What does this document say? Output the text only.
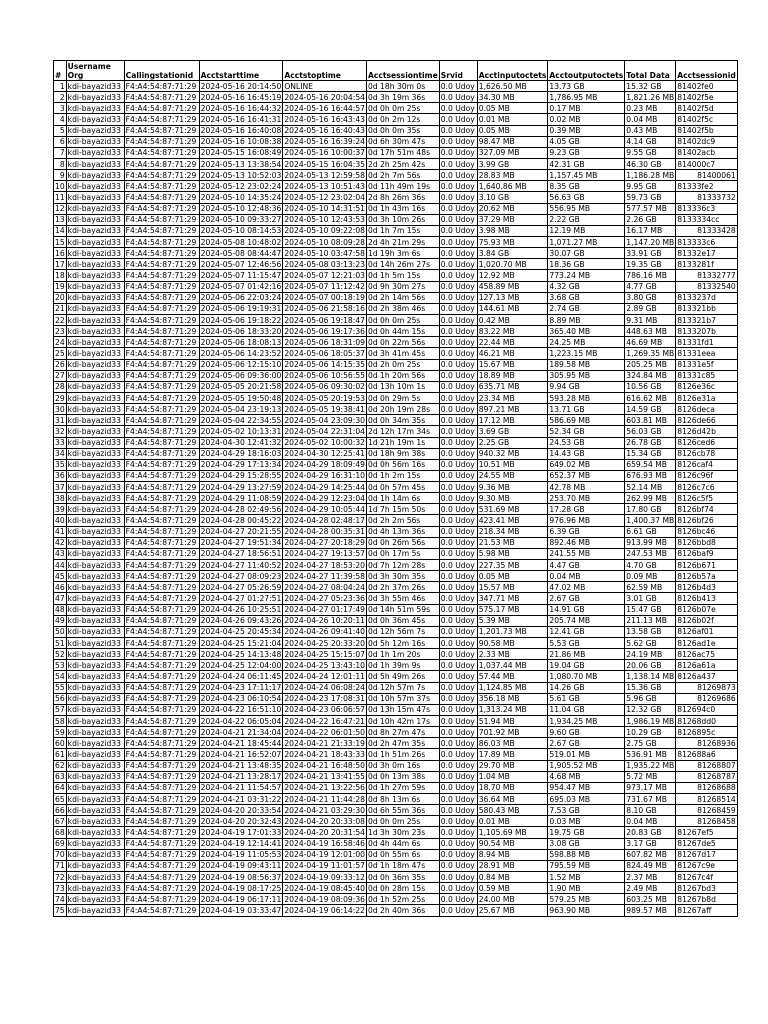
#	Username Org	Callingstationid	Acctstarttime	Acctstoptime	Acctsessiontime	Srvid	Acctinputoctets	Acctoutputoctets	Total Data	Acctsessionid
1	kdi-bayazid33	F4:A4:54:87:71:29	2024-05-16 20:14:50	ONLINE	0d 18h 30m 0s	0.0 Udoy	1,626.50 MB	13.73 GB	15.32 GB	81402fe0
2	kdi-bayazid33	F4:A4:54:87:71:29	2024-05-16 16:45:19	2024-05-16 20:04:54	0d 3h 19m 36s	0.0 Udoy	34.30 MB	1,786.95 MB	1,821.26 MB	81402f5e
3	kdi-bayazid33	F4:A4:54:87:71:29	2024-05-16 16:44:32	2024-05-16 16:44:57	0d 0h 0m 25s	0.0 Udoy	0.05 MB	0.17 MB	0.23 MB	81402f5d
4	kdi-bayazid33	F4:A4:54:87:71:29	2024-05-16 16:41:31	2024-05-16 16:43:43	0d 0h 2m 12s	0.0 Udoy	0.01 MB	0.02 MB	0.04 MB	81402f5c
5	kdi-bayazid33	F4:A4:54:87:71:29	2024-05-16 16:40:08	2024-05-16 16:40:43	0d 0h 0m 35s	0.0 Udoy	0.05 MB	0.39 MB	0.43 MB	81402f5b
6	kdi-bayazid33	F4:A4:54:87:71:29	2024-05-16 10:08:38	2024-05-16 16:39:24	0d 6h 30m 47s	0.0 Udoy	98.47 MB	4.05 GB	4.14 GB	81402dc9
7	kdi-bayazid33	F4:A4:54:87:71:29	2024-05-15 16:08:49	2024-05-16 10:00:37	0d 17h 51m 48s	0.0 Udoy	327.09 MB	9.23 GB	9.55 GB	81402acb
8	kdi-bayazid33	F4:A4:54:87:71:29	2024-05-13 13:38:54	2024-05-15 16:04:35	2d 2h 25m 42s	0.0 Udoy	3.99 GB	42.31 GB	46.30 GB	814000c7
9	kdi-bayazid33	F4:A4:54:87:71:29	2024-05-13 10:52:03	2024-05-13 12:59:58	0d 2h 7m 56s	0.0 Udoy	28.83 MB	1,157.45 MB	1,186.28 MB	81400061
10	kdi-bayazid33	F4:A4:54:87:71:29	2024-05-12 23:02:24	2024-05-13 10:51:43	0d 11h 49m 19s	0.0 Udoy	1,640.86 MB	8.35 GB	9.95 GB	81333fe2
11	kdi-bayazid33	F4:A4:54:87:71:29	2024-05-10 14:35:24	2024-05-12 23:02:04	2d 8h 26m 36s	0.0 Udoy	3.10 GB	56.63 GB	59.73 GB	81333732
12	kdi-bayazid33	F4:A4:54:87:71:29	2024-05-10 12:48:36	2024-05-10 14:31:51	0d 1h 43m 16s	0.0 Udoy	20.62 MB	556.95 MB	577.57 MB	813336c3
13	kdi-bayazid33	F4:A4:54:87:71:29	2024-05-10 09:33:27	2024-05-10 12:43:53	0d 3h 10m 26s	0.0 Udoy	37.29 MB	2.22 GB	2.26 GB	8133334cc
14	kdi-bayazid33	F4:A4:54:87:71:29	2024-05-10 08:14:53	2024-05-10 09:22:08	0d 1h 7m 15s	0.0 Udoy	3.98 MB	12.19 MB	16.17 MB	81333428
15	kdi-bayazid33	F4:A4:54:87:71:29	2024-05-08 10:48:02	2024-05-10 08:09:28	2d 4h 21m 29s	0.0 Udoy	75.93 MB	1,071.27 MB	1,147.20 MB	813333c6
16	kdi-bayazid33	F4:A4:54:87:71:29	2024-05-08 08:44:47	2024-05-10 03:47:58	1d 19h 3m 6s	0.0 Udoy	3.84 GB	30.07 GB	33.91 GB	81332e17
17	kdi-bayazid33	F4:A4:54:87:71:29	2024-05-07 12:46:56	2024-05-08 03:13:23	0d 14h 26m 27s	0.0 Udoy	1,020.70 MB	18.36 GB	19.35 GB	8133281f
18	kdi-bayazid33	F4:A4:54:87:71:29	2024-05-07 11:15:47	2024-05-07 12:21:03	0d 1h 5m 15s	0.0 Udoy	12.92 MB	773.24 MB	786.16 MB	81332777
19	kdi-bayazid33	F4:A4:54:87:71:29	2024-05-07 01:42:16	2024-05-07 11:12:42	0d 9h 30m 27s	0.0 Udoy	458.89 MB	4.32 GB	4.77 GB	81332540
20	kdi-bayazid33	F4:A4:54:87:71:29	2024-05-06 22:03:24	2024-05-07 00:18:19	0d 2h 14m 56s	0.0 Udoy	127.13 MB	3.68 GB	3.80 GB	8133237d
21	kdi-bayazid33	F4:A4:54:87:71:29	2024-05-06 19:19:31	2024-05-06 21:58:16	0d 2h 38m 46s	0.0 Udoy	144.61 MB	2.74 GB	2.89 GB	813321bb
22	kdi-bayazid33	F4:A4:54:87:71:29	2024-05-06 19:18:22	2024-05-06 19:18:47	0d 0h 0m 25s	0.0 Udoy	0.42 MB	8.89 MB	9.31 MB	813321b7
23	kdi-bayazid33	F4:A4:54:87:71:29	2024-05-06 18:33:20	2024-05-06 19:17:36	0d 0h 44m 15s	0.0 Udoy	83.22 MB	365.40 MB	448.63 MB	8133207b
24	kdi-bayazid33	F4:A4:54:87:71:29	2024-05-06 18:08:13	2024-05-06 18:31:09	0d 0h 22m 56s	0.0 Udoy	22.44 MB	24.25 MB	46.69 MB	81331fd1
25	kdi-bayazid33	F4:A4:54:87:71:29	2024-05-06 14:23:52	2024-05-06 18:05:37	0d 3h 41m 45s	0.0 Udoy	46.21 MB	1,223.15 MB	1,269.35 MB	81331eea
26	kdi-bayazid33	F4:A4:54:87:71:29	2024-05-06 12:15:10	2024-05-06 14:15:35	0d 2h 0m 25s	0.0 Udoy	15.67 MB	189.58 MB	205.25 MB	81331e5f
27	kdi-bayazid33	F4:A4:54:87:71:29	2024-05-06 09:36:00	2024-05-06 10:56:55	0d 1h 20m 56s	0.0 Udoy	18.89 MB	305.95 MB	324.84 MB	81331c85
28	kdi-bayazid33	F4:A4:54:87:71:29	2024-05-05 20:21:58	2024-05-06 09:30:02	0d 13h 10m 1s	0.0 Udoy	635.71 MB	9.94 GB	10.56 GB	8126e36c
29	kdi-bayazid33	F4:A4:54:87:71:29	2024-05-05 19:50:48	2024-05-05 20:19:53	0d 0h 29m 5s	0.0 Udoy	23.34 MB	593.28 MB	616.62 MB	8126e31a
30	kdi-bayazid33	F4:A4:54:87:71:29	2024-05-04 23:19:13	2024-05-05 19:38:41	0d 20h 19m 28s	0.0 Udoy	897.21 MB	13.71 GB	14.59 GB	8126deca
31	kdi-bayazid33	F4:A4:54:87:71:29	2024-05-04 22:34:55	2024-05-04 23:09:30	0d 0h 34m 35s	0.0 Udoy	17.12 MB	586.69 MB	603.81 MB	8126de66
32	kdi-bayazid33	F4:A4:54:87:71:29	2024-05-02 10:13:31	2024-05-04 22:31:04	2d 12h 17m 34s	0.0 Udoy	3.69 GB	52.34 GB	56.03 GB	8126d42b
33	kdi-bayazid33	F4:A4:54:87:71:29	2024-04-30 12:41:32	2024-05-02 10:00:32	1d 21h 19m 1s	0.0 Udoy	2.25 GB	24.53 GB	26.78 GB	8126ced6
34	kdi-bayazid33	F4:A4:54:87:71:29	2024-04-29 18:16:03	2024-04-30 12:25:41	0d 18h 9m 38s	0.0 Udoy	940.32 MB	14.43 GB	15.34 GB	8126cb78
35	kdi-bayazid33	F4:A4:54:87:71:29	2024-04-29 17:13:34	2024-04-29 18:09:49	0d 0h 56m 16s	0.0 Udoy	10.51 MB	649.02 MB	659.54 MB	8126caf4
36	kdi-bayazid33	F4:A4:54:87:71:29	2024-04-29 15:28:55	2024-04-29 16:31:10	0d 1h 2m 15s	0.0 Udoy	24.55 MB	652.37 MB	676.93 MB	8126c96f
37	kdi-bayazid33	F4:A4:54:87:71:29	2024-04-29 13:27:59	2024-04-29 14:25:44	0d 0h 57m 45s	0.0 Udoy	9.36 MB	42.78 MB	52.14 MB	8126c7c6
38	kdi-bayazid33	F4:A4:54:87:71:29	2024-04-29 11:08:59	2024-04-29 12:23:04	0d 1h 14m 6s	0.0 Udoy	9.30 MB	253.70 MB	262.99 MB	8126c5f5
39	kdi-bayazid33	F4:A4:54:87:71:29	2024-04-28 02:49:56	2024-04-29 10:05:44	1d 7h 15m 50s	0.0 Udoy	531.69 MB	17.28 GB	17.80 GB	8126bf74
40	kdi-bayazid33	F4:A4:54:87:71:29	2024-04-28 00:45:22	2024-04-28 02:48:17	0d 2h 2m 56s	0.0 Udoy	423.41 MB	976.96 MB	1,400.37 MB	8126bf26
41	kdi-bayazid33	F4:A4:54:87:71:29	2024-04-27 20:21:55	2024-04-28 00:35:31	0d 4h 13m 36s	0.0 Udoy	218.34 MB	6.39 GB	6.61 GB	8126bc46
42	kdi-bayazid33	F4:A4:54:87:71:29	2024-04-27 19:51:34	2024-04-27 20:18:29	0d 0h 26m 56s	0.0 Udoy	21.53 MB	892.46 MB	913.99 MB	8126bbd8
43	kdi-bayazid33	F4:A4:54:87:71:29	2024-04-27 18:56:51	2024-04-27 19:13:57	0d 0h 17m 5s	0.0 Udoy	5.98 MB	241.55 MB	247.53 MB	8126baf9
44	kdi-bayazid33	F4:A4:54:87:71:29	2024-04-27 11:40:52	2024-04-27 18:53:20	0d 7h 12m 28s	0.0 Udoy	227.35 MB	4.47 GB	4.70 GB	8126b671
45	kdi-bayazid33	F4:A4:54:87:71:29	2024-04-27 08:09:23	2024-04-27 11:39:58	0d 3h 30m 35s	0.0 Udoy	0.05 MB	0.04 MB	0.09 MB	8126b57a
46	kdi-bayazid33	F4:A4:54:87:71:29	2024-04-27 05:26:59	2024-04-27 08:04:24	0d 2h 37m 26s	0.0 Udoy	15.57 MB	47.02 MB	62.59 MB	8126b4d3
47	kdi-bayazid33	F4:A4:54:87:71:29	2024-04-27 01:27:51	2024-04-27 05:23:36	0d 3h 55m 46s	0.0 Udoy	347.71 MB	2.67 GB	3.01 GB	8126b413
48	kdi-bayazid33	F4:A4:54:87:71:29	2024-04-26 10:25:51	2024-04-27 01:17:49	0d 14h 51m 59s	0.0 Udoy	575.17 MB	14.91 GB	15.47 GB	8126b07e
49	kdi-bayazid33	F4:A4:54:87:71:29	2024-04-26 09:43:26	2024-04-26 10:20:11	0d 0h 36m 45s	0.0 Udoy	5.39 MB	205.74 MB	211.13 MB	8126b02f
50	kdi-bayazid33	F4:A4:54:87:71:29	2024-04-25 20:45:34	2024-04-26 09:41:40	0d 12h 56m 7s	0.0 Udoy	1,201.73 MB	12.41 GB	13.58 GB	8126af01
51	kdi-bayazid33	F4:A4:54:87:71:29	2024-04-25 15:21:04	2024-04-25 20:33:20	0d 5h 12m 16s	0.0 Udoy	90.58 MB	5.53 GB	5.62 GB	8126ad1e
52	kdi-bayazid33	F4:A4:54:87:71:29	2024-04-25 14:13:48	2024-04-25 15:15:07	0d 1h 1m 20s	0.0 Udoy	2.33 MB	21.86 MB	24.19 MB	8126ac75
53	kdi-bayazid33	F4:A4:54:87:71:29	2024-04-25 12:04:00	2024-04-25 13:43:10	0d 1h 39m 9s	0.0 Udoy	1,037.44 MB	19.04 GB	20.06 GB	8126a61a
54	kdi-bayazid33	F4:A4:54:87:71:29	2024-04-24 06:11:45	2024-04-24 12:01:11	0d 5h 49m 26s	0.0 Udoy	57.44 MB	1,080.70 MB	1,138.14 MB	8126a437
55	kdi-bayazid33	F4:A4:54:87:71:29	2024-04-23 17:11:17	2024-04-24 06:08:24	0d 12h 57m 7s	0.0 Udoy	1,124.85 MB	14.26 GB	15.36 GB	81269873
56	kdi-bayazid33	F4:A4:54:87:71:29	2024-04-23 06:10:54	2024-04-23 17:08:31	0d 10h 57m 37s	0.0 Udoy	356.18 MB	5.61 GB	5.96 GB	81269686
57	kdi-bayazid33	F4:A4:54:87:71:29	2024-04-22 16:51:10	2024-04-23 06:06:57	0d 13h 15m 47s	0.0 Udoy	1,313.24 MB	11.04 GB	12.32 GB	812694c0
58	kdi-bayazid33	F4:A4:54:87:71:29	2024-04-22 06:05:04	2024-04-22 16:47:21	0d 10h 42m 17s	0.0 Udoy	51.94 MB	1,934.25 MB	1,986.19 MB	81268dd0
59	kdi-bayazid33	F4:A4:54:87:71:29	2024-04-21 21:34:04	2024-04-22 06:01:50	0d 8h 27m 47s	0.0 Udoy	701.92 MB	9.60 GB	10.29 GB	8126895c
60	kdi-bayazid33	F4:A4:54:87:71:29	2024-04-21 18:45:44	2024-04-21 21:33:19	0d 2h 47m 35s	0.0 Udoy	86.03 MB	2.67 GB	2.75 GB	81268936
61	kdi-bayazid33	F4:A4:54:87:71:29	2024-04-21 16:52:07	2024-04-21 18:43:33	0d 1h 51m 26s	0.0 Udoy	17.89 MB	519.01 MB	536.91 MB	812688a6
62	kdi-bayazid33	F4:A4:54:87:71:29	2024-04-21 13:48:35	2024-04-21 16:48:50	0d 3h 0m 16s	0.0 Udoy	29.70 MB	1,905.52 MB	1,935.22 MB	81268807
63	kdi-bayazid33	F4:A4:54:87:71:29	2024-04-21 13:28:17	2024-04-21 13:41:55	0d 0h 13m 38s	0.0 Udoy	1.04 MB	4.68 MB	5.72 MB	81268787
64	kdi-bayazid33	F4:A4:54:87:71:29	2024-04-21 11:54:57	2024-04-21 13:22:56	0d 1h 27m 59s	0.0 Udoy	18.70 MB	954.47 MB	973.17 MB	81268688
65	kdi-bayazid33	F4:A4:54:87:71:29	2024-04-21 03:31:22	2024-04-21 11:44:28	0d 8h 13m 6s	0.0 Udoy	36.64 MB	695.03 MB	731.67 MB	81268514
66	kdi-bayazid33	F4:A4:54:87:71:29	2024-04-20 20:33:54	2024-04-21 03:29:30	0d 6h 55m 36s	0.0 Udoy	580.43 MB	7.53 GB	8.10 GB	81268459
67	kdi-bayazid33	F4:A4:54:87:71:29	2024-04-20 20:32:43	2024-04-20 20:33:08	0d 0h 0m 25s	0.0 Udoy	0.01 MB	0.03 MB	0.04 MB	81268458
68	kdi-bayazid33	F4:A4:54:87:71:29	2024-04-19 17:01:33	2024-04-20 20:31:54	1d 3h 30m 23s	0.0 Udoy	1,105.69 MB	19.75 GB	20.83 GB	81267ef5
69	kdi-bayazid33	F4:A4:54:87:71:29	2024-04-19 12:14:41	2024-04-19 16:58:46	0d 4h 44m 6s	0.0 Udoy	90.54 MB	3.08 GB	3.17 GB	81267de5
70	kdi-bayazid33	F4:A4:54:87:71:29	2024-04-19 11:05:53	2024-04-19 12:01:00	0d 0h 55m 6s	0.0 Udoy	8.94 MB	598.88 MB	607.82 MB	81267d17
71	kdi-bayazid33	F4:A4:54:87:71:29	2024-04-19 09:43:11	2024-04-19 11:01:57	0d 1h 18m 47s	0.0 Udoy	28.91 MB	795.59 MB	824.49 MB	81267c9e
72	kdi-bayazid33	F4:A4:54:87:71:29	2024-04-19 08:56:37	2024-04-19 09:33:12	0d 0h 36m 35s	0.0 Udoy	0.84 MB	1.52 MB	2.37 MB	81267c4f
73	kdi-bayazid33	F4:A4:54:87:71:29	2024-04-19 08:17:25	2024-04-19 08:45:40	0d 0h 28m 15s	0.0 Udoy	0.59 MB	1.90 MB	2.49 MB	81267bd3
74	kdi-bayazid33	F4:A4:54:87:71:29	2024-04-19 06:17:11	2024-04-19 08:09:36	0d 1h 52m 25s	0.0 Udoy	24.00 MB	579.25 MB	603.25 MB	81267b8d
75	kdi-bayazid33	F4:A4:54:87:71:29	2024-04-19 03:33:47	2024-04-19 06:14:22	0d 2h 40m 36s	0.0 Udoy	25.67 MB	963.90 MB	989.57 MB	81267aff
